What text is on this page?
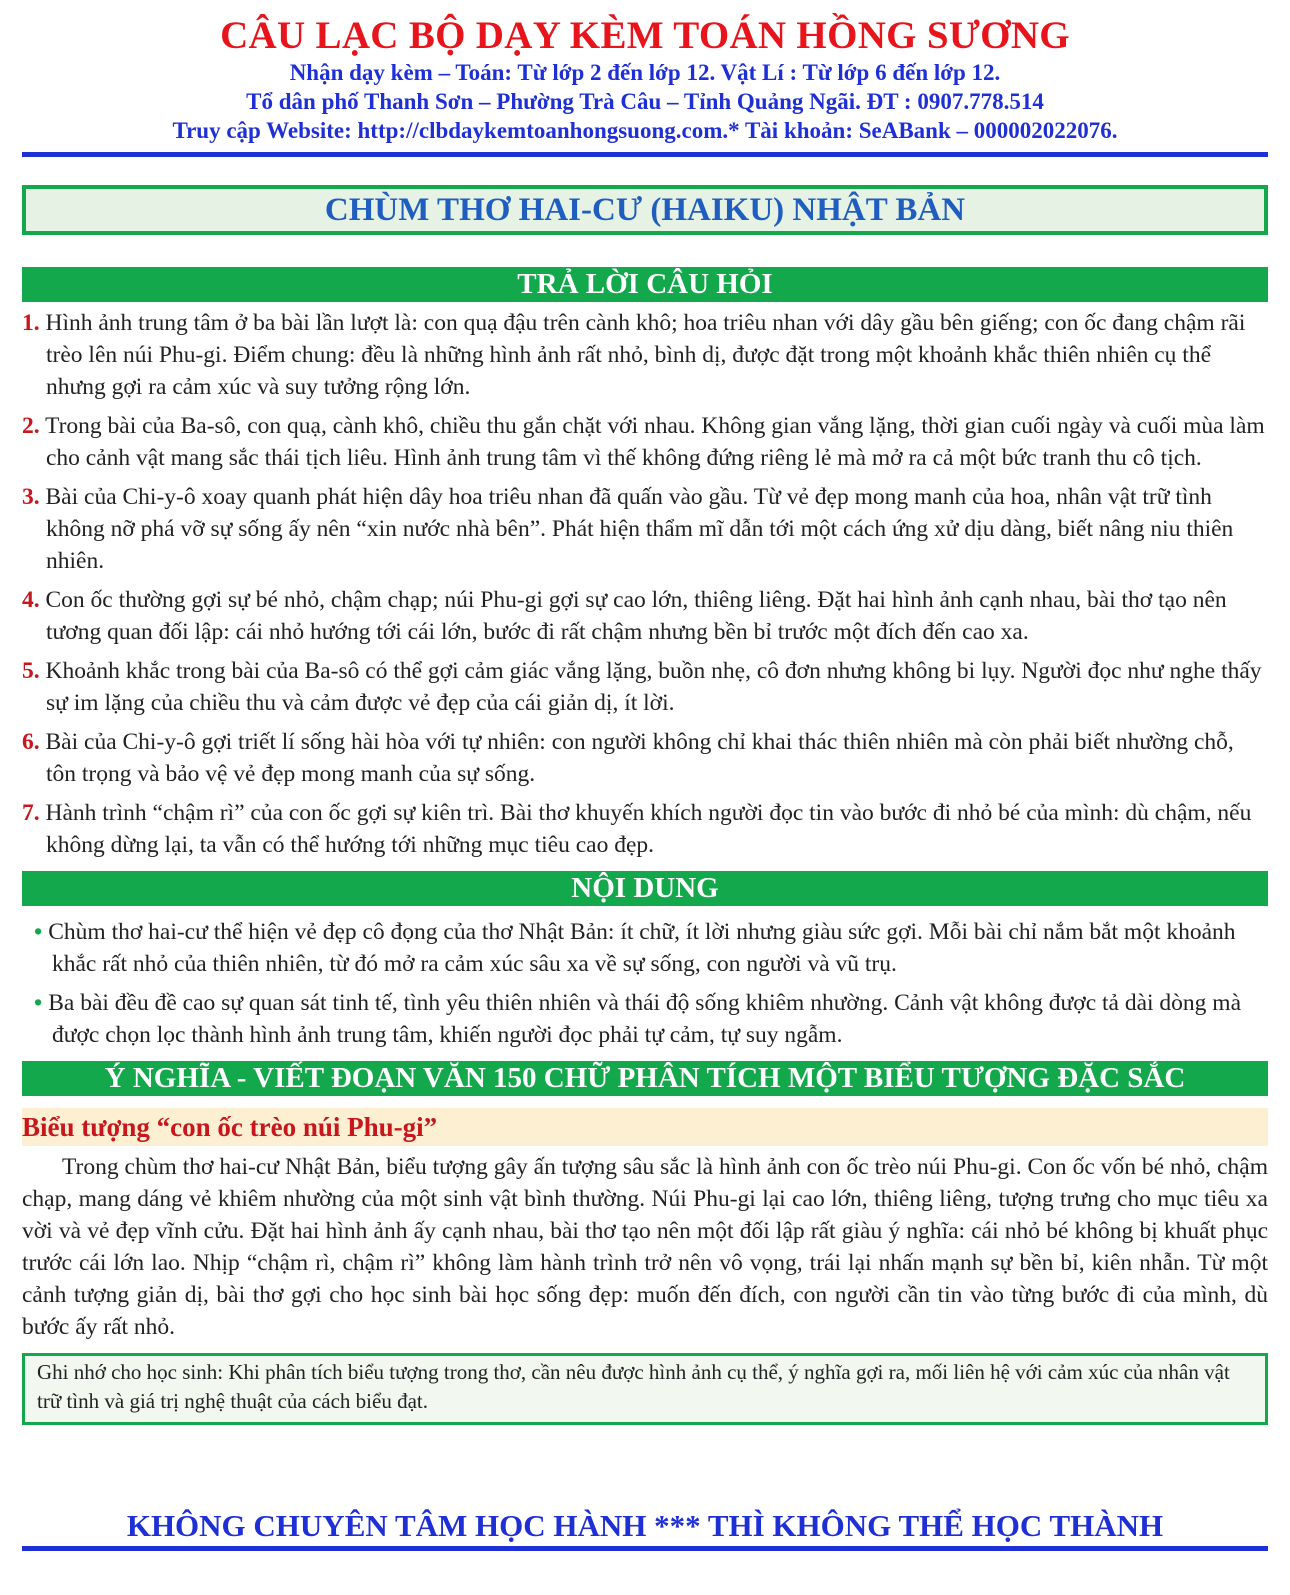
CÂU LẠC BỘ DẠY KÈM TOÁN HỒNG SƯƠNG
Nhận dạy kèm – Toán: Từ lớp 2 đến lớp 12. Vật Lí : Từ lớp 6 đến lớp 12.
Tổ dân phố Thanh Sơn – Phường Trà Câu – Tỉnh Quảng Ngãi. ĐT : 0907.778.514
Truy cập Website: http://clbdaykemtoanhongsuong.com.* Tài khoản: SeABank – 000002022076.
CHÙM THƠ HAI-CƯ (HAIKU) NHẬT BẢN
TRẢ LỜI CÂU HỎI
1. Hình ảnh trung tâm ở ba bài lần lượt là: con quạ đậu trên cành khô; hoa triêu nhan với dây gầu bên giếng; con ốc đang chậm rãi trèo lên núi Phu-gi. Điểm chung: đều là những hình ảnh rất nhỏ, bình dị, được đặt trong một khoảnh khắc thiên nhiên cụ thể nhưng gợi ra cảm xúc và suy tưởng rộng lớn.
2. Trong bài của Ba-sô, con quạ, cành khô, chiều thu gắn chặt với nhau. Không gian vắng lặng, thời gian cuối ngày và cuối mùa làm cho cảnh vật mang sắc thái tịch liêu. Hình ảnh trung tâm vì thế không đứng riêng lẻ mà mở ra cả một bức tranh thu cô tịch.
3. Bài của Chi-y-ô xoay quanh phát hiện dây hoa triêu nhan đã quấn vào gầu. Từ vẻ đẹp mong manh của hoa, nhân vật trữ tình không nỡ phá vỡ sự sống ấy nên “xin nước nhà bên”. Phát hiện thẩm mĩ dẫn tới một cách ứng xử dịu dàng, biết nâng niu thiên nhiên.
4. Con ốc thường gợi sự bé nhỏ, chậm chạp; núi Phu-gi gợi sự cao lớn, thiêng liêng. Đặt hai hình ảnh cạnh nhau, bài thơ tạo nên tương quan đối lập: cái nhỏ hướng tới cái lớn, bước đi rất chậm nhưng bền bỉ trước một đích đến cao xa.
5. Khoảnh khắc trong bài của Ba-sô có thể gợi cảm giác vắng lặng, buồn nhẹ, cô đơn nhưng không bi lụy. Người đọc như nghe thấy sự im lặng của chiều thu và cảm được vẻ đẹp của cái giản dị, ít lời.
6. Bài của Chi-y-ô gợi triết lí sống hài hòa với tự nhiên: con người không chỉ khai thác thiên nhiên mà còn phải biết nhường chỗ, tôn trọng và bảo vệ vẻ đẹp mong manh của sự sống.
7. Hành trình “chậm rì” của con ốc gợi sự kiên trì. Bài thơ khuyến khích người đọc tin vào bước đi nhỏ bé của mình: dù chậm, nếu không dừng lại, ta vẫn có thể hướng tới những mục tiêu cao đẹp.
NỘI DUNG
• Chùm thơ hai-cư thể hiện vẻ đẹp cô đọng của thơ Nhật Bản: ít chữ, ít lời nhưng giàu sức gợi. Mỗi bài chỉ nắm bắt một khoảnh khắc rất nhỏ của thiên nhiên, từ đó mở ra cảm xúc sâu xa về sự sống, con người và vũ trụ.
• Ba bài đều đề cao sự quan sát tinh tế, tình yêu thiên nhiên và thái độ sống khiêm nhường. Cảnh vật không được tả dài dòng mà được chọn lọc thành hình ảnh trung tâm, khiến người đọc phải tự cảm, tự suy ngẫm.
Ý NGHĨA - VIẾT ĐOẠN VĂN 150 CHỮ PHÂN TÍCH MỘT BIỂU TƯỢNG ĐẶC SẮC
Biểu tượng “con ốc trèo núi Phu-gi”
Trong chùm thơ hai-cư Nhật Bản, biểu tượng gây ấn tượng sâu sắc là hình ảnh con ốc trèo núi Phu-gi. Con ốc vốn bé nhỏ, chậm chạp, mang dáng vẻ khiêm nhường của một sinh vật bình thường. Núi Phu-gi lại cao lớn, thiêng liêng, tượng trưng cho mục tiêu xa vời và vẻ đẹp vĩnh cửu. Đặt hai hình ảnh ấy cạnh nhau, bài thơ tạo nên một đối lập rất giàu ý nghĩa: cái nhỏ bé không bị khuất phục trước cái lớn lao. Nhịp “chậm rì, chậm rì” không làm hành trình trở nên vô vọng, trái lại nhấn mạnh sự bền bỉ, kiên nhẫn. Từ một cảnh tượng giản dị, bài thơ gợi cho học sinh bài học sống đẹp: muốn đến đích, con người cần tin vào từng bước đi của mình, dù bước ấy rất nhỏ.
Ghi nhớ cho học sinh: Khi phân tích biểu tượng trong thơ, cần nêu được hình ảnh cụ thể, ý nghĩa gợi ra, mối liên hệ với cảm xúc của nhân vật trữ tình và giá trị nghệ thuật của cách biểu đạt.
KHÔNG CHUYÊN TÂM HỌC HÀNH *** THÌ KHÔNG THỂ HỌC THÀNH
